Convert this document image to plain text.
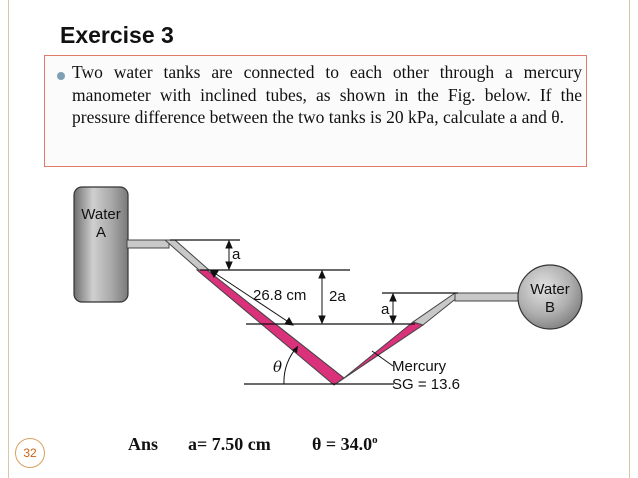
Exercise 3
Two water tanks are connected to each other through a mercury manometer with inclined tubes, as shown in the Fig. below. If the pressure difference between the two tanks is 20 kPa, calculate a and θ.
Water
A
Water
B
a
26.8 cm 2a
a
θ	Mercury
SG = 13.6
32	Ans a= 7.50 cm $\theta = 34.0^o$
